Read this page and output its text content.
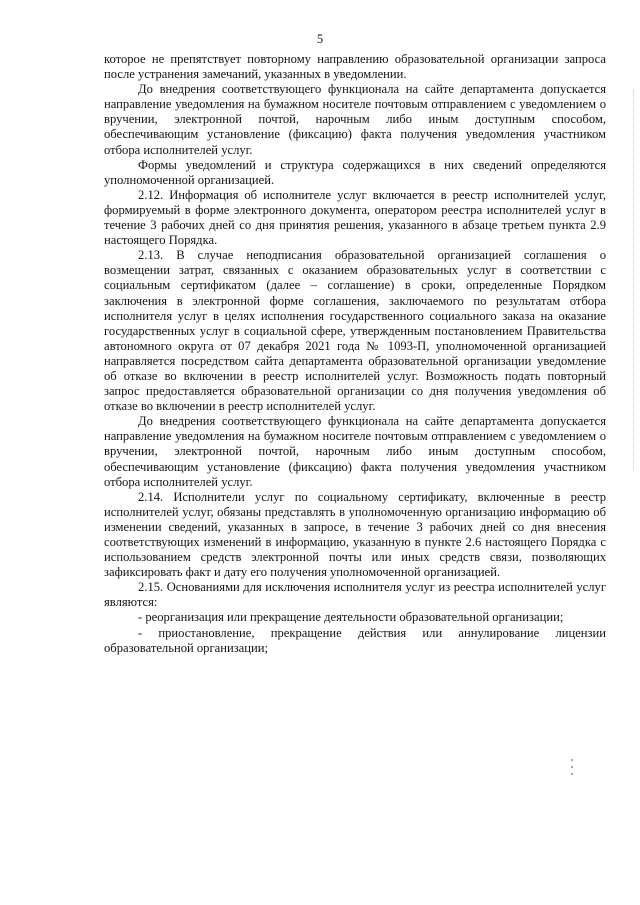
5

которое не препятствует повторному направлению образовательной организации запроса после устранения замечаний, указанных в уведомлении.

До внедрения соответствующего функционала на сайте департамента допускается направление уведомления на бумажном носителе почтовым отправлением с уведомлением о вручении, электронной почтой, нарочным либо иным доступным способом, обеспечивающим установление (фиксацию) факта получения уведомления участником отбора исполнителей услуг.

Формы уведомлений и структура содержащихся в них сведений определяются уполномоченной организацией.

2.12. Информация об исполнителе услуг включается в реестр исполнителей услуг, формируемый в форме электронного документа, оператором реестра исполнителей услуг в течение 3 рабочих дней со дня принятия решения, указанного в абзаце третьем пункта 2.9 настоящего Порядка.

2.13. В случае неподписания образовательной организацией соглашения о возмещении затрат, связанных с оказанием образовательных услуг в соответствии с социальным сертификатом (далее – соглашение) в сроки, определенные Порядком заключения в электронной форме соглашения, заключаемого по результатам отбора исполнителя услуг в целях исполнения государственного социального заказа на оказание государственных услуг в социальной сфере, утвержденным постановлением Правительства автономного округа от 07 декабря 2021 года № 1093-П, уполномоченной организацией направляется посредством сайта департамента образовательной организации уведомление об отказе во включении в реестр исполнителей услуг. Возможность подать повторный запрос предоставляется образовательной организации со дня получения уведомления об отказе во включении в реестр исполнителей услуг.

До внедрения соответствующего функционала на сайте департамента допускается направление уведомления на бумажном носителе почтовым отправлением с уведомлением о вручении, электронной почтой, нарочным либо иным доступным способом, обеспечивающим установление (фиксацию) факта получения уведомления участником отбора исполнителей услуг.

2.14. Исполнители услуг по социальному сертификату, включенные в реестр исполнителей услуг, обязаны представлять в уполномоченную организацию информацию об изменении сведений, указанных в запросе, в течение 3 рабочих дней со дня внесения соответствующих изменений в информацию, указанную в пункте 2.6 настоящего Порядка с использованием средств электронной почты или иных средств связи, позволяющих зафиксировать факт и дату его получения уполномоченной организацией.

2.15. Основаниями для исключения исполнителя услуг из реестра исполнителей услуг являются:

- реорганизация или прекращение деятельности образовательной организации;

- приостановление, прекращение действия или аннулирование лицензии образовательной организации;
